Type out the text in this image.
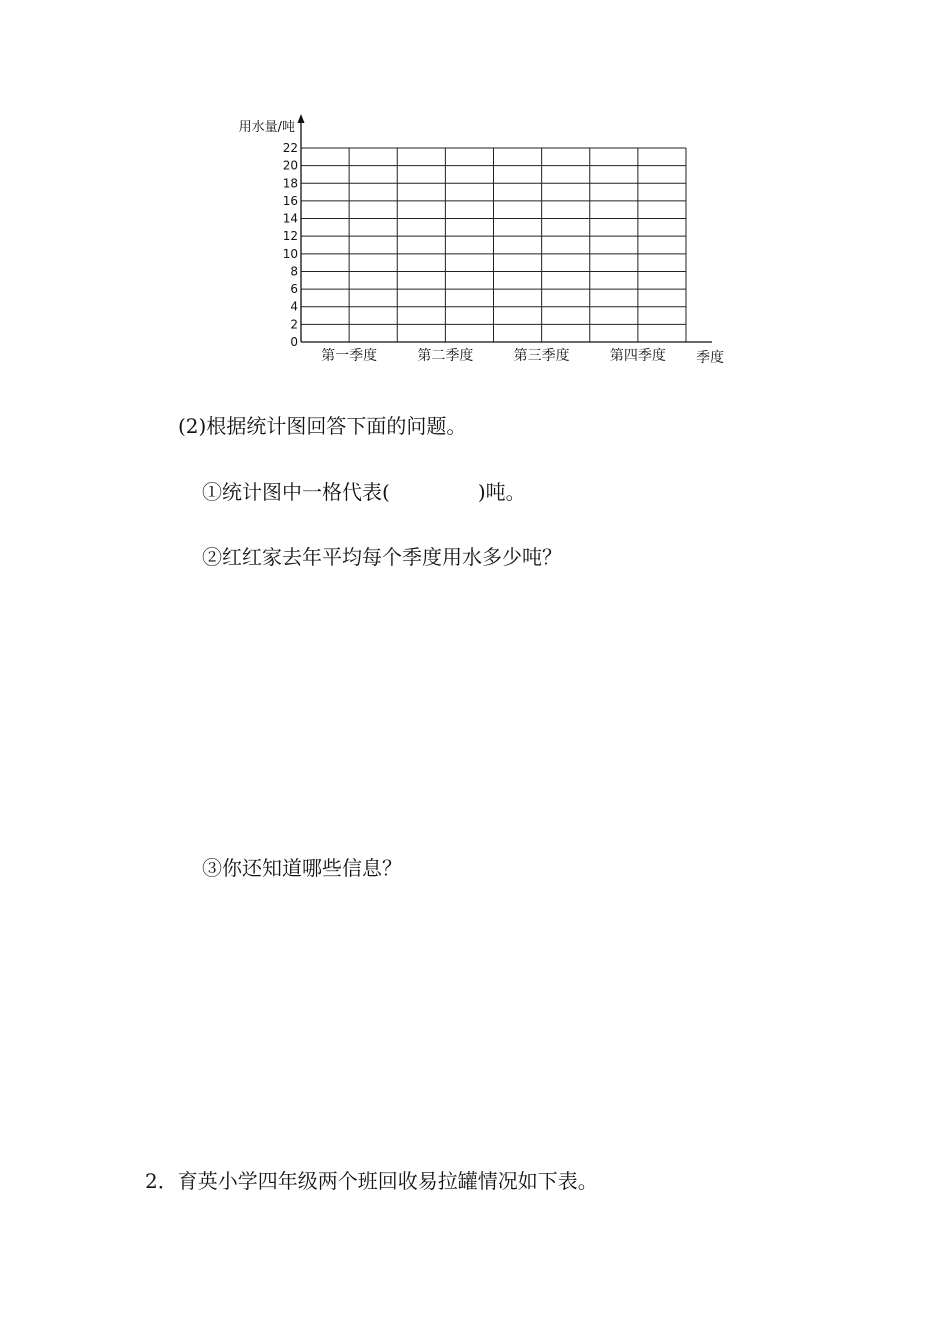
0
2
4
6
8
10
12
14
16
18
20
22
第一季度	第二季度	第三季度	第四季度
用水量/吨
季度
(2)根据统计图回答下面的问题。
①统计图中一格代表(	)吨。
②红红家去年平均每个季度用水多少吨？
③你还知道哪些信息？
2．育英小学四年级两个班回收易拉罐情况如下表。
